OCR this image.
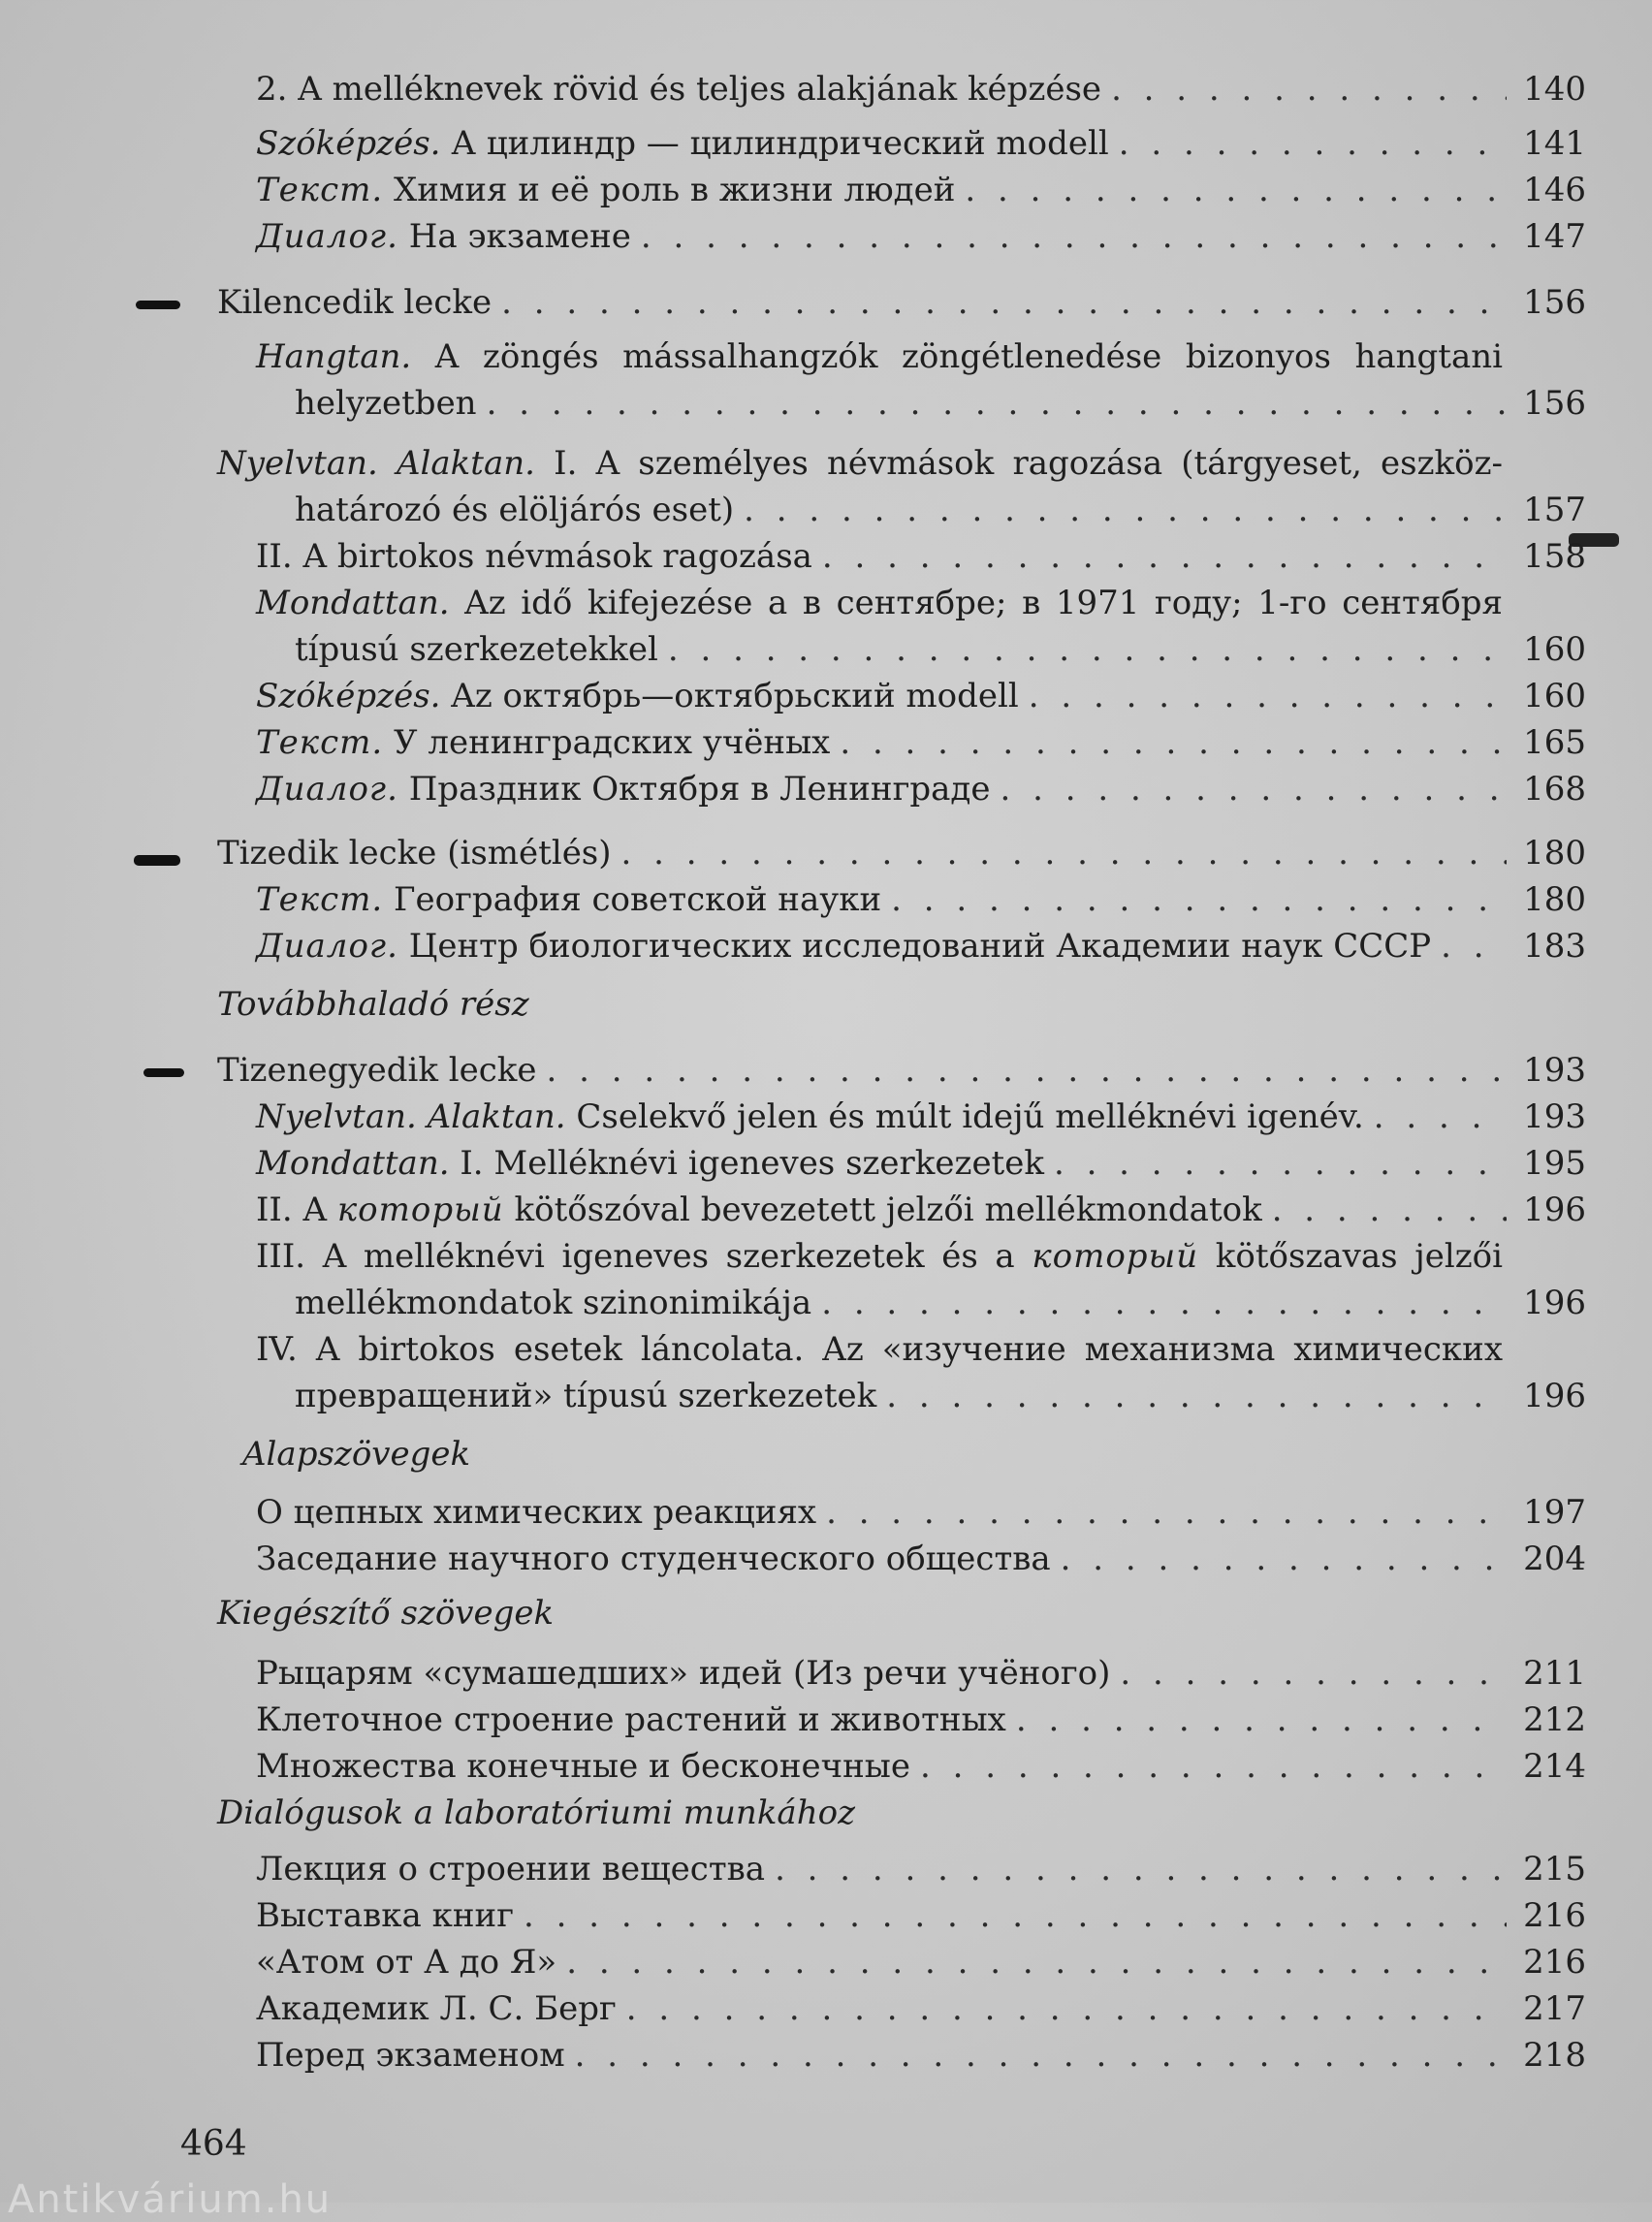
2. A melléknevek rövid és teljes alakjának képzése . . .	140
Szóképzés. А цилиндр — цилиндрический modell . . .	141
Текст. Химия и её роль в жизни людей . . .	146
Диалог. На экзамене . . .	147
Kilencedik lecke . . .	156
Hangtan. A zöngés mássalhangzók zöngétlenedése bizonyos hangtani
helyzetben . . .	156
Nyelvtan. Alaktan. I. A személyes névmások ragozása (tárgyeset, eszköz-
határozó és elöljárós eset) . . .	157
II. A birtokos névmások ragozása . . .	158
Mondattan. Az idő kifejezése a в сентябре; в 1971 году; 1-го сентября
típusú szerkezetekkel . . .	160
Szóképzés. Az октябрь—октябрьский modell . . .	160
Текст. У ленинградских учёных . . .	165
Диалог. Праздник Октября в Ленинграде . . .	168
Tizedik lecke (ismétlés) . . .	180
Текст. География советской науки . . .	180
Диалог. Центр биологических исследований Академии наук СССР . . .	183
Továbbhaladó rész
Tizenegyedik lecke . . .	193
Nyelvtan. Alaktan. Cselekvő jelen és múlt idejű melléknévi igenév. . . .	193
Mondattan. I. Melléknévi igeneves szerkezetek . . .	195
II. A который kötőszóval bevezetett jelzői mellékmondatok . . .	196
III. A melléknévi igeneves szerkezetek és a который kötőszavas jelzői
mellékmondatok szinonimikája . . .	196
IV. A birtokos esetek láncolata. Az «изучение механизма химических
превращений» típusú szerkezetek . . .	196
Alapszövegek
О цепных химических реакциях . . .	197
Заседание научного студенческого общества . . .	204
Kiegészítő szövegek
Рыцарям «сумашедших» идей (Из речи учёного) . . .	211
Клеточное строение растений и животных . . .	212
Множества конечные и бесконечные . . .	214
Dialógusok a laboratóriumi munkához
Лекция о строении вещества . . .	215
Выставка книг . . .	216
«Атом от А до Я» . . .	216
Академик Л. С. Берг . . .	217
Перед экзаменом . . .	218
464
Antikvárium.hu
